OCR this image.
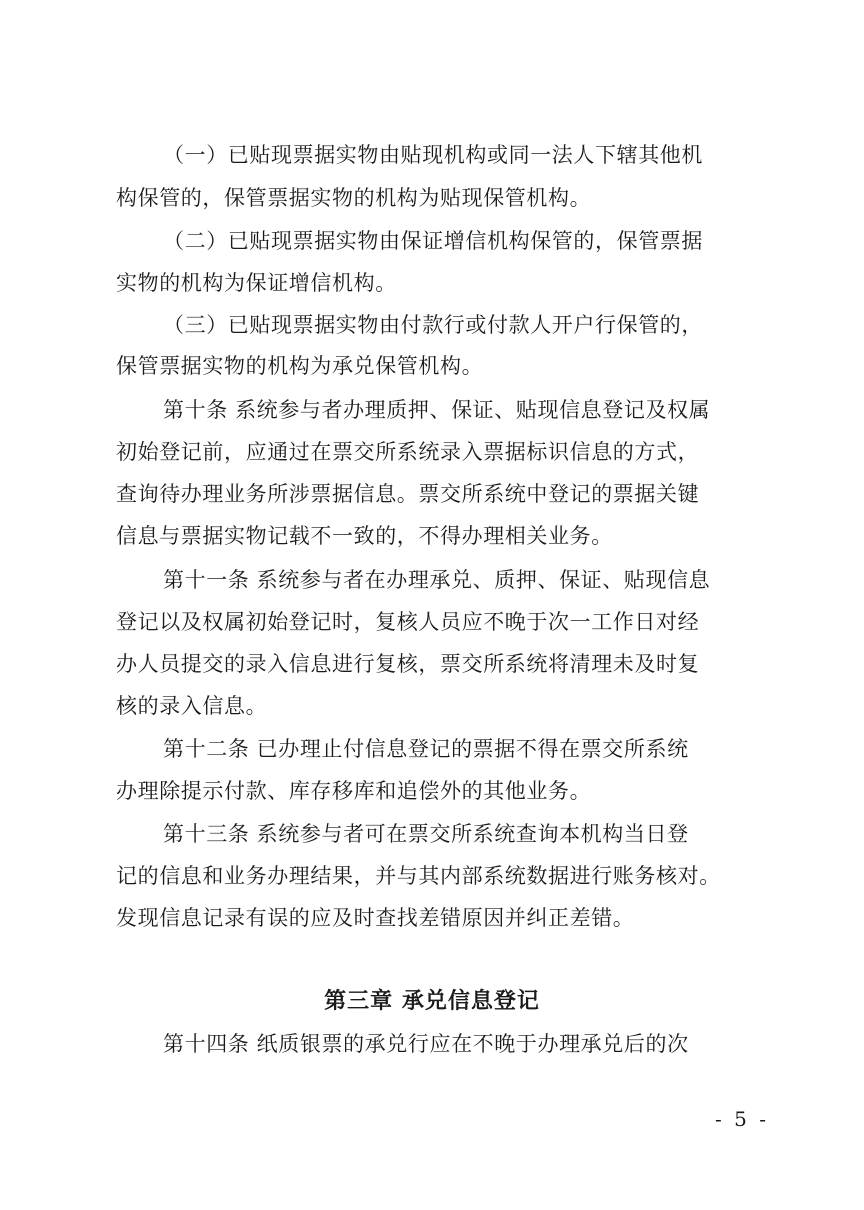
（一）已贴现票据实物由贴现机构或同一法人下辖其他机
构保管的，保管票据实物的机构为贴现保管机构。
（二）已贴现票据实物由保证增信机构保管的，保管票据
实物的机构为保证增信机构。
（三）已贴现票据实物由付款行或付款人开户行保管的，
保管票据实物的机构为承兑保管机构。
第十条 系统参与者办理质押、保证、贴现信息登记及权属
初始登记前，应通过在票交所系统录入票据标识信息的方式，
查询待办理业务所涉票据信息。票交所系统中登记的票据关键
信息与票据实物记载不一致的，不得办理相关业务。
第十一条 系统参与者在办理承兑、质押、保证、贴现信息
登记以及权属初始登记时，复核人员应不晚于次一工作日对经
办人员提交的录入信息进行复核，票交所系统将清理未及时复
核的录入信息。
第十二条 已办理止付信息登记的票据不得在票交所系统
办理除提示付款、库存移库和追偿外的其他业务。
第十三条 系统参与者可在票交所系统查询本机构当日登
记的信息和业务办理结果，并与其内部系统数据进行账务核对。
发现信息记录有误的应及时查找差错原因并纠正差错。
第三章 承兑信息登记
第十四条 纸质银票的承兑行应在不晚于办理承兑后的次
- 5 -
